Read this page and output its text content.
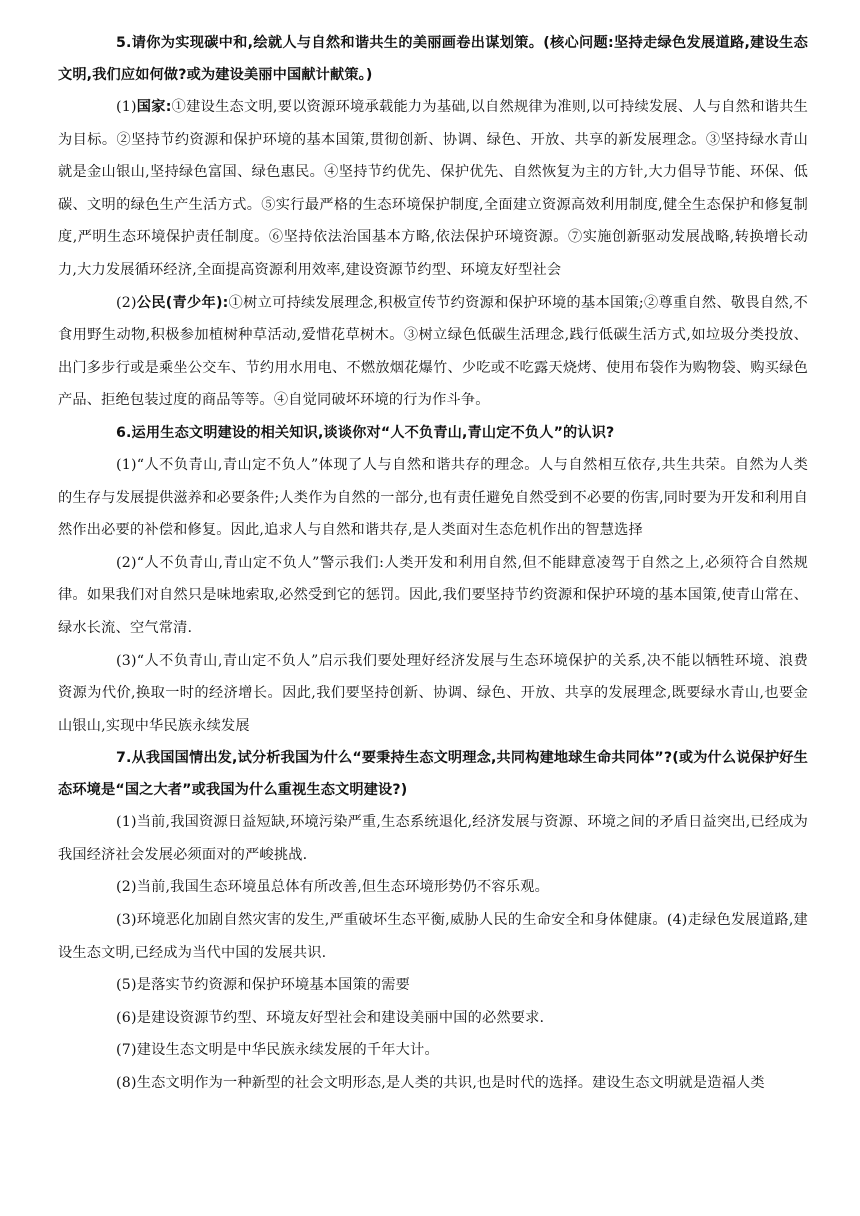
5.请你为实现碳中和,绘就人与自然和谐共生的美丽画卷出谋划策。(核心问题:坚持走绿色发展道路,建设生态文明,我们应如何做?或为建设美丽中国献计献策。)

(1)国家:①建设生态文明,要以资源环境承载能力为基础,以自然规律为准则,以可持续发展、人与自然和谐共生为目标。②坚持节约资源和保护环境的基本国策,贯彻创新、协调、绿色、开放、共享的新发展理念。③坚持绿水青山就是金山银山,坚持绿色富国、绿色惠民。④坚持节约优先、保护优先、自然恢复为主的方针,大力倡导节能、环保、低碳、文明的绿色生产生活方式。⑤实行最严格的生态环境保护制度,全面建立资源高效利用制度,健全生态保护和修复制度,严明生态环境保护责任制度。⑥坚持依法治国基本方略,依法保护环境资源。⑦实施创新驱动发展战略,转换增长动力,大力发展循环经济,全面提高资源利用效率,建设资源节约型、环境友好型社会

(2)公民(青少年):①树立可持续发展理念,积极宣传节约资源和保护环境的基本国策;②尊重自然、敬畏自然,不食用野生动物,积极参加植树种草活动,爱惜花草树木。③树立绿色低碳生活理念,践行低碳生活方式,如垃圾分类投放、出门多步行或是乘坐公交车、节约用水用电、不燃放烟花爆竹、少吃或不吃露天烧烤、使用布袋作为购物袋、购买绿色产品、拒绝包装过度的商品等等。④自觉同破坏环境的行为作斗争。

6.运用生态文明建设的相关知识,谈谈你对“人不负青山,青山定不负人”的认识?

(1)“人不负青山,青山定不负人”体现了人与自然和谐共存的理念。人与自然相互依存,共生共荣。自然为人类的生存与发展提供滋养和必要条件;人类作为自然的一部分,也有责任避免自然受到不必要的伤害,同时要为开发和利用自然作出必要的补偿和修复。因此,追求人与自然和谐共存,是人类面对生态危机作出的智慧选择

(2)“人不负青山,青山定不负人”警示我们:人类开发和利用自然,但不能肆意凌驾于自然之上,必须符合自然规律。如果我们对自然只是味地索取,必然受到它的惩罚。因此,我们要坚持节约资源和保护环境的基本国策,使青山常在、绿水长流、空气常清.

(3)“人不负青山,青山定不负人”启示我们要处理好经济发展与生态环境保护的关系,决不能以牺牲环境、浪费资源为代价,换取一时的经济增长。因此,我们要坚持创新、协调、绿色、开放、共享的发展理念,既要绿水青山,也要金山银山,实现中华民族永续发展

7.从我国国情出发,试分析我国为什么“要秉持生态文明理念,共同构建地球生命共同体”?(或为什么说保护好生态环境是“国之大者”或我国为什么重视生态文明建设?)

(1)当前,我国资源日益短缺,环境污染严重,生态系统退化,经济发展与资源、环境之间的矛盾日益突出,已经成为我国经济社会发展必须面对的严峻挑战.

(2)当前,我国生态环境虽总体有所改善,但生态环境形势仍不容乐观。

(3)环境恶化加剧自然灾害的发生,严重破坏生态平衡,威胁人民的生命安全和身体健康。(4)走绿色发展道路,建设生态文明,已经成为当代中国的发展共识.

(5)是落实节约资源和保护环境基本国策的需要

(6)是建设资源节约型、环境友好型社会和建设美丽中国的必然要求.

(7)建设生态文明是中华民族永续发展的千年大计。

(8)生态文明作为一种新型的社会文明形态,是人类的共识,也是时代的选择。建设生态文明就是造福人类
